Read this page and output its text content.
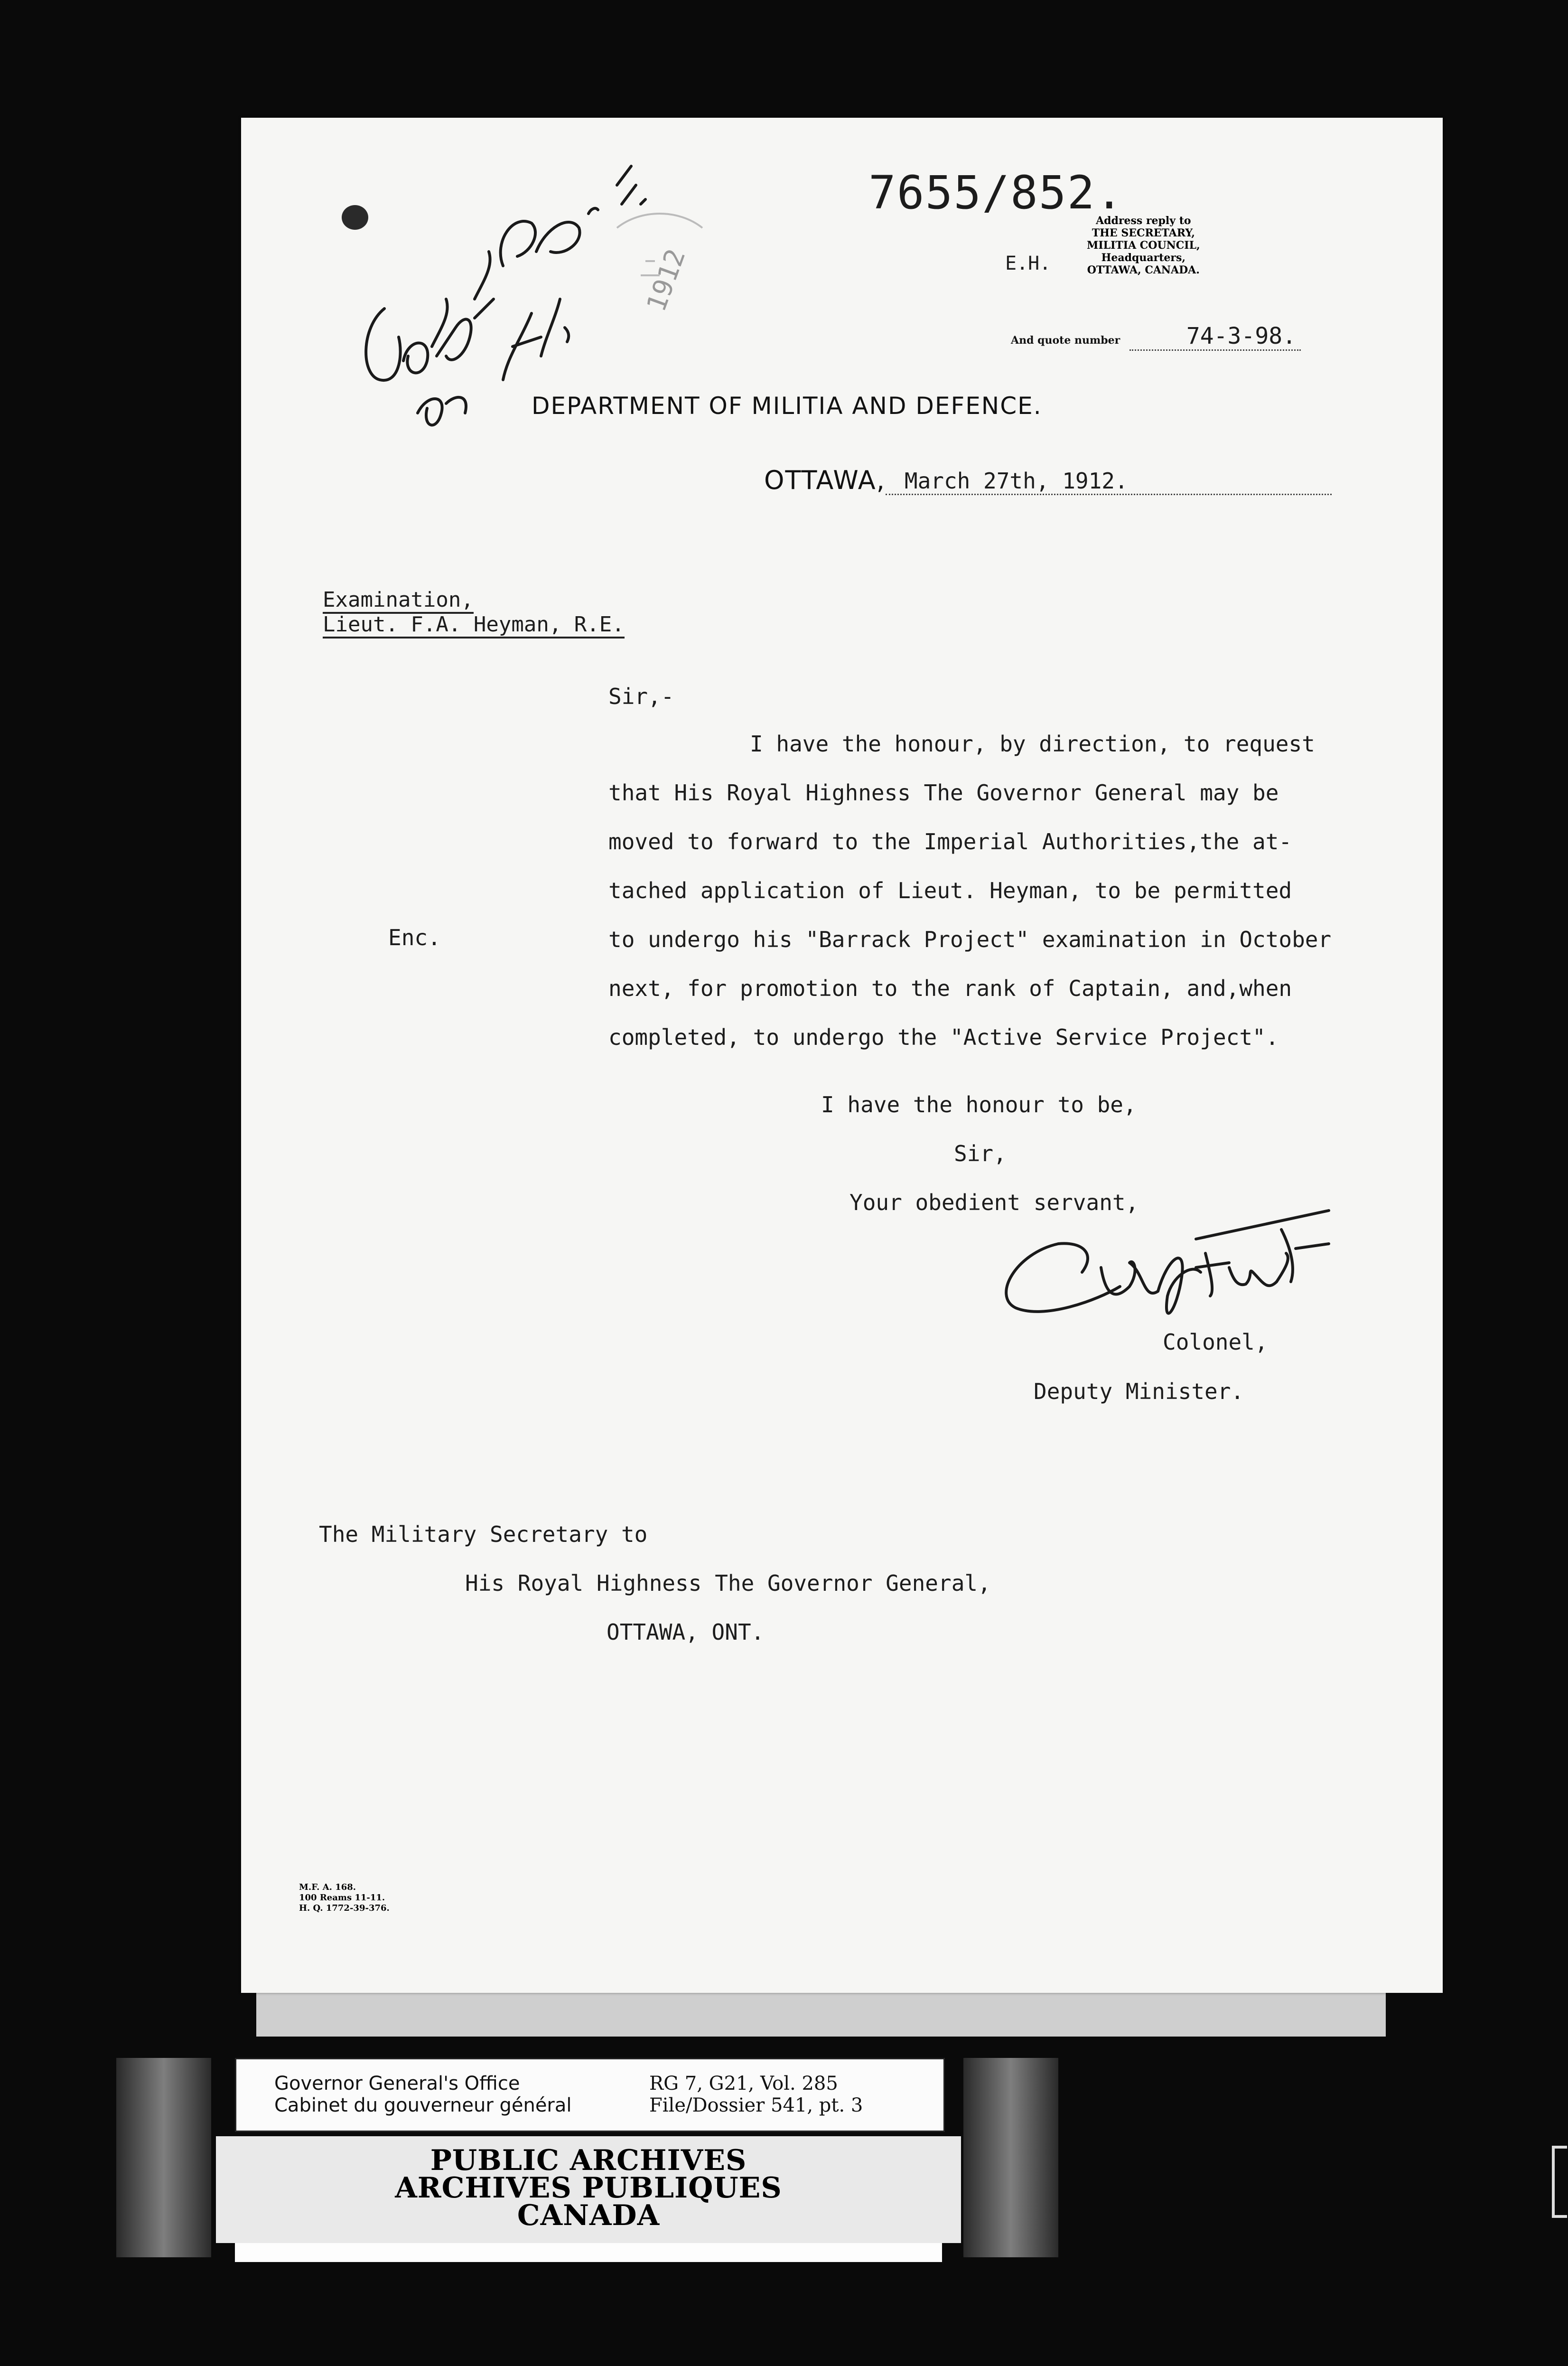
1912
7655/852.
E.H.
Address reply to
THE SECRETARY,
MILITIA COUNCIL,
Headquarters,
OTTAWA, CANADA.
And quote number	74-3-98.
DEPARTMENT OF MILITIA AND DEFENCE.
OTTAWA, March 27th, 1912.
Examination,
Lieut. F.A. Heyman, R.E.
Sir,-
I have the honour, by direction, to request
that His Royal Highness The Governor General may be
moved to forward to the Imperial Authorities,the at-
tached application of Lieut. Heyman, to be permitted
to undergo his "Barrack Project" examination in October
next, for promotion to the rank of Captain, and,when
completed, to undergo the "Active Service Project".
Enc.
I have the honour to be,
Sir,
Your obedient servant,
Colonel,
Deputy Minister.
The Military Secretary to
His Royal Highness The Governor General,
OTTAWA, ONT.
M.F. A. 168.
100 Reams 11-11.
H. Q. 1772-39-376.
Governor General's Office
Cabinet du gouverneur général
RG 7, G21, Vol. 285
File/Dossier 541, pt. 3
PUBLIC ARCHIVES
ARCHIVES PUBLIQUES
CANADA
